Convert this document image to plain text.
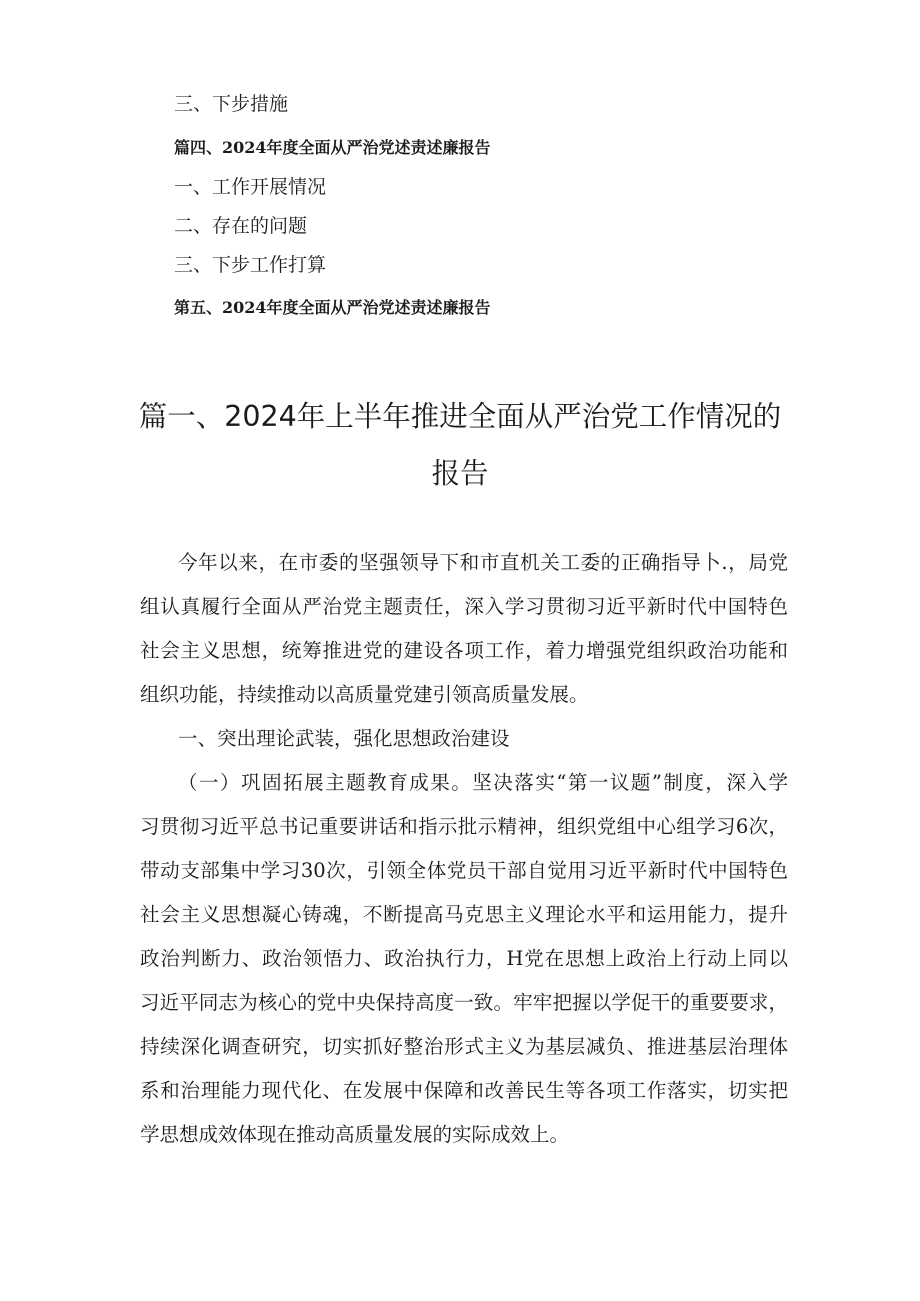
三、下步措施
篇四、2024年度全面从严治党述责述廉报告
一、工作开展情况
二、存在的问题
三、下步工作打算
第五、2024年度全面从严治党述责述廉报告
篇一、2024年上半年推进全面从严治党工作情况的
报告
今年以来，在市委的坚强领导下和市直机关工委的正确指导卜.，局党
组认真履行全面从严治党主题责任，深入学习贯彻习近平新时代中国特色
社会主义思想，统筹推进党的建设各项工作，着力增强党组织政治功能和
组织功能，持续推动以高质量党建引领高质量发展。
一、突出理论武装，强化思想政治建设
（一）巩固拓展主题教育成果。坚决落实“第一议题”制度，深入学
习贯彻习近平总书记重要讲话和指示批示精神，组织党组中心组学习6次，
带动支部集中学习30次，引领全体党员干部自觉用习近平新时代中国特色
社会主义思想凝心铸魂，不断提高马克思主义理论水平和运用能力，提升
政治判断力、政治领悟力、政治执行力，H党在思想上政治上行动上同以
习近平同志为核心的党中央保持高度一致。牢牢把握以学促干的重要要求，
持续深化调查研究，切实抓好整治形式主义为基层减负、推进基层治理体
系和治理能力现代化、在发展中保障和改善民生等各项工作落实，切实把
学思想成效体现在推动高质量发展的实际成效上。
